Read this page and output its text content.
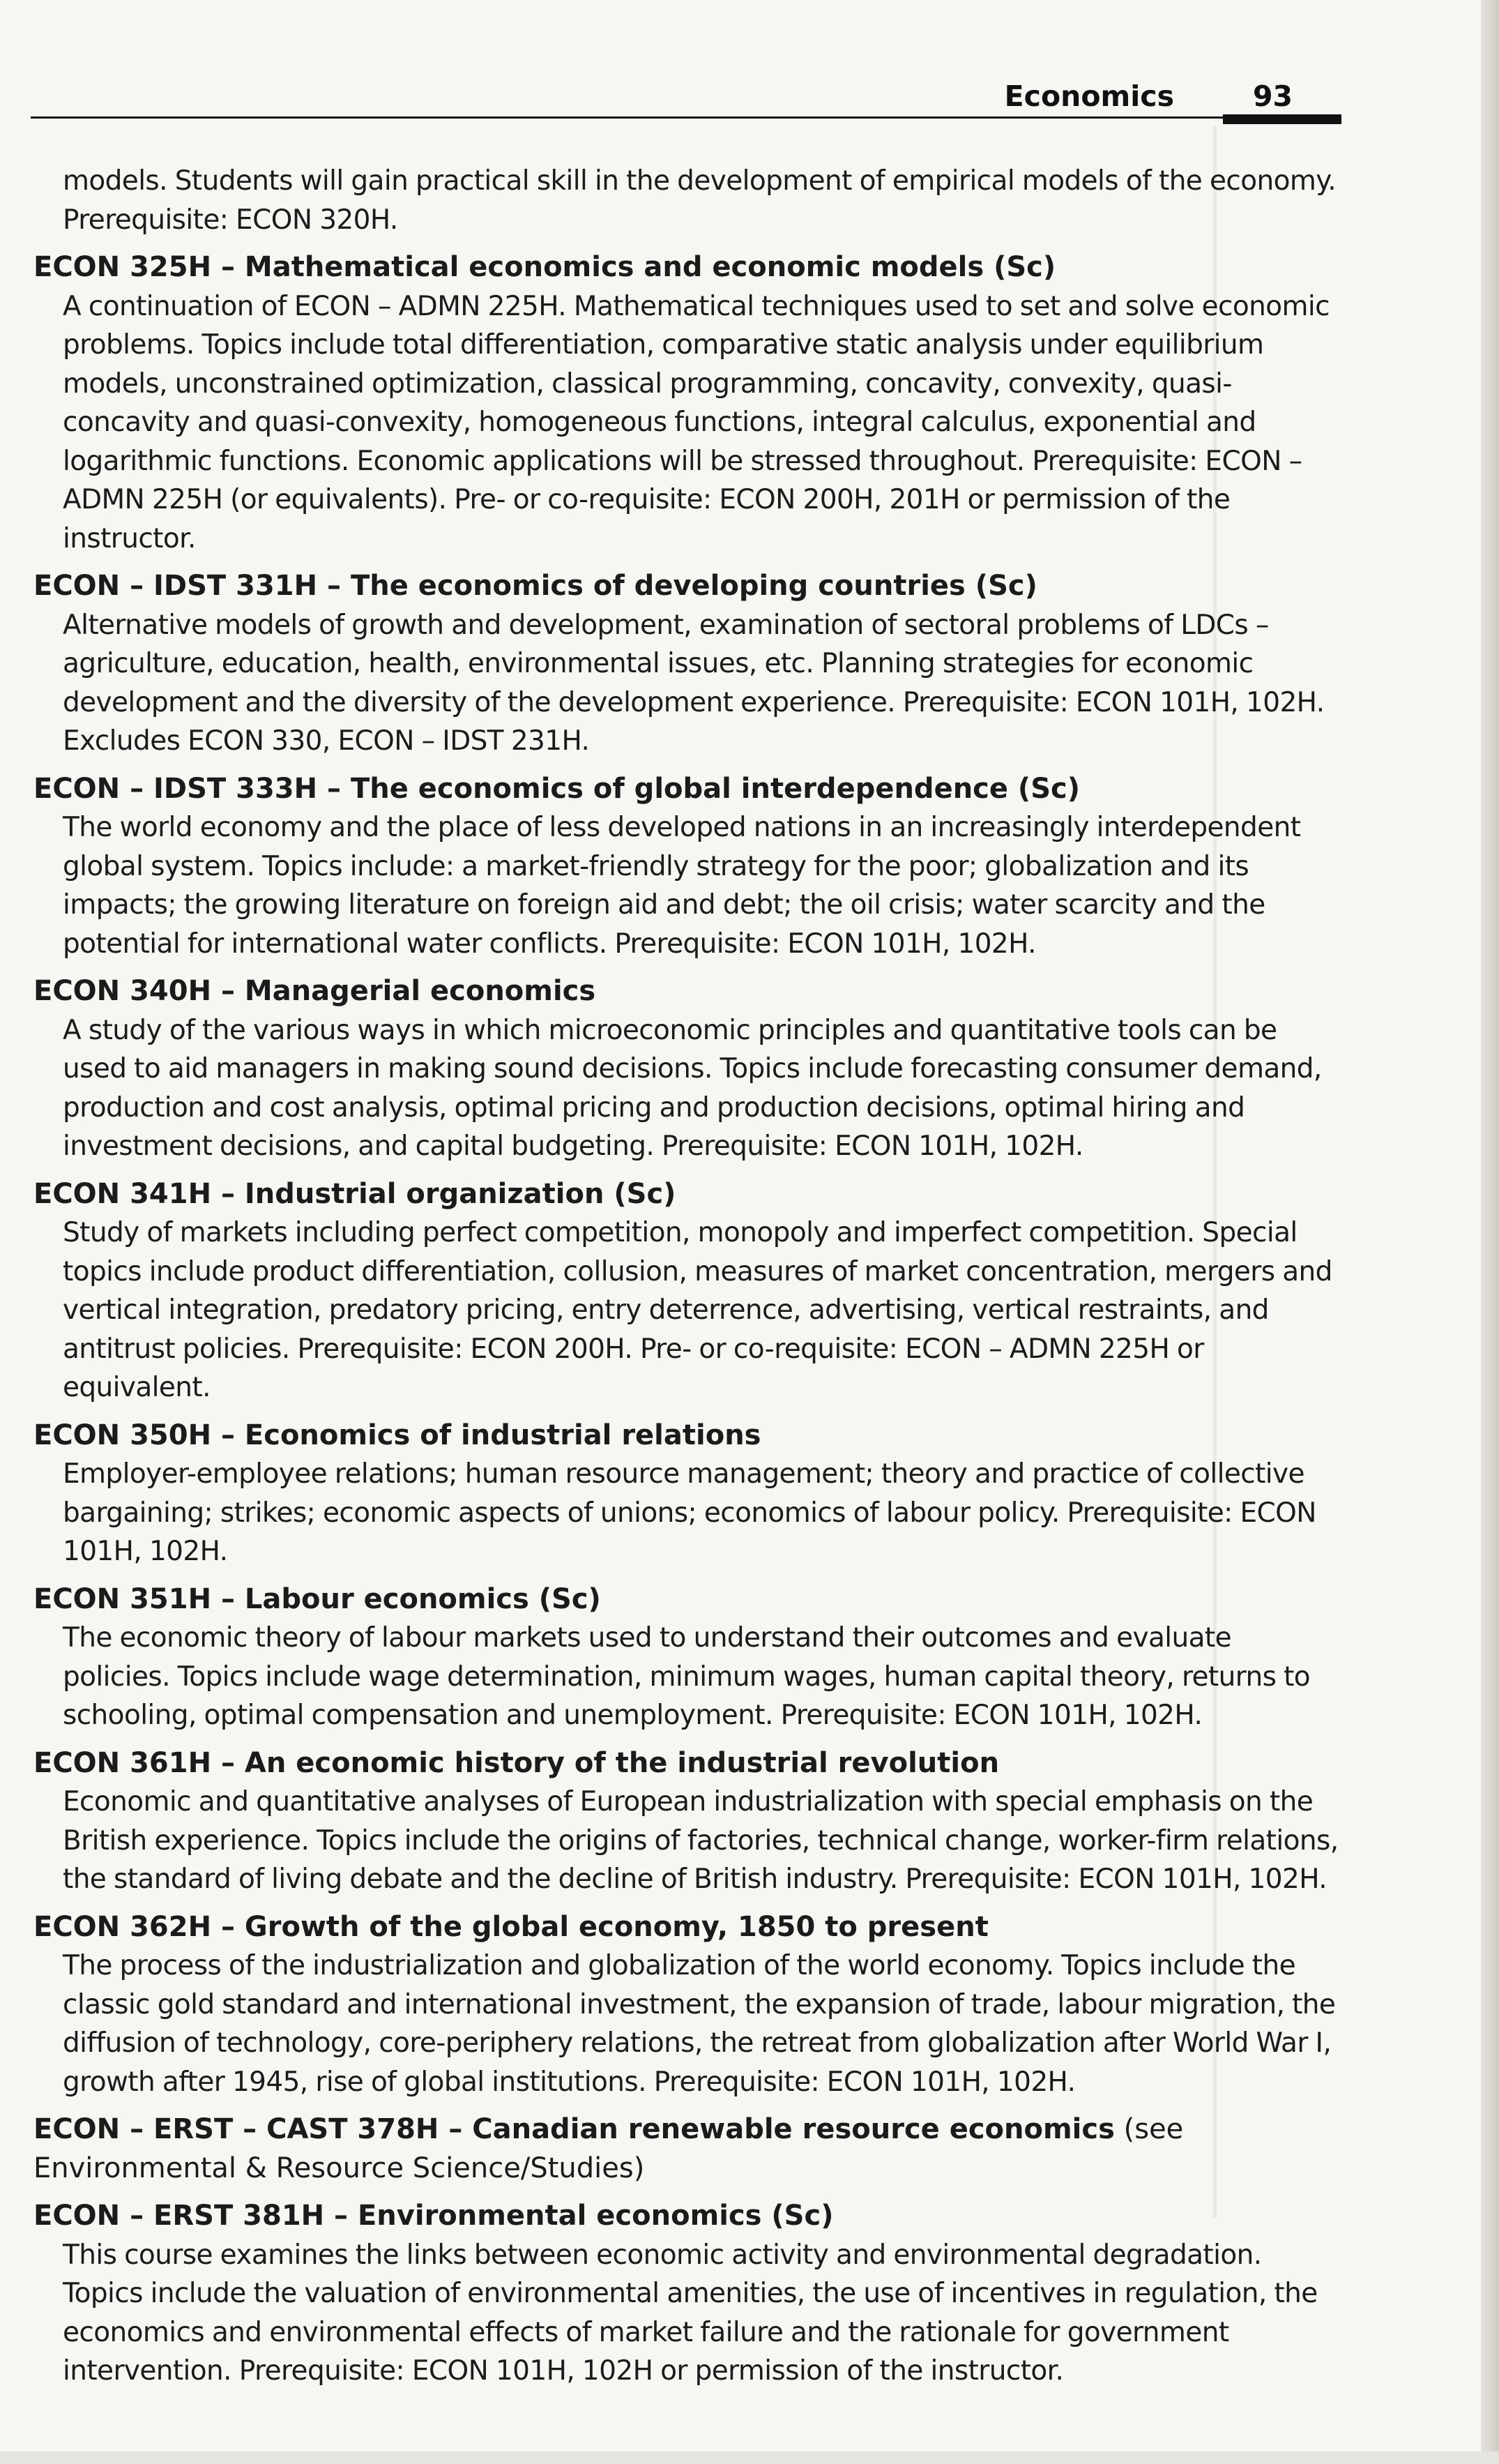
Economics	93
models. Students will gain practical skill in the development of empirical models of the economy. Prerequisite: ECON 320H.
ECON 325H – Mathematical economics and economic models (Sc)
A continuation of ECON – ADMN 225H. Mathematical techniques used to set and solve economic problems. Topics include total differentiation, comparative static analysis under equilibrium models, unconstrained optimization, classical programming, concavity, convexity, quasi-concavity and quasi-convexity, homogeneous functions, integral calculus, exponential and logarithmic functions. Economic applications will be stressed throughout. Prerequisite: ECON – ADMN 225H (or equivalents). Pre- or co-requisite: ECON 200H, 201H or permission of the instructor.
ECON – IDST 331H – The economics of developing countries (Sc)
Alternative models of growth and development, examination of sectoral problems of LDCs – agriculture, education, health, environmental issues, etc. Planning strategies for economic development and the diversity of the development experience. Prerequisite: ECON 101H, 102H. Excludes ECON 330, ECON – IDST 231H.
ECON – IDST 333H – The economics of global interdependence (Sc)
The world economy and the place of less developed nations in an increasingly interdependent global system. Topics include: a market-friendly strategy for the poor; globalization and its impacts; the growing literature on foreign aid and debt; the oil crisis; water scarcity and the potential for international water conflicts. Prerequisite: ECON 101H, 102H.
ECON 340H – Managerial economics
A study of the various ways in which microeconomic principles and quantitative tools can be used to aid managers in making sound decisions. Topics include forecasting consumer demand, production and cost analysis, optimal pricing and production decisions, optimal hiring and investment decisions, and capital budgeting. Prerequisite: ECON 101H, 102H.
ECON 341H – Industrial organization (Sc)
Study of markets including perfect competition, monopoly and imperfect competition. Special topics include product differentiation, collusion, measures of market concentration, mergers and vertical integration, predatory pricing, entry deterrence, advertising, vertical restraints, and antitrust policies. Prerequisite: ECON 200H. Pre- or co-requisite: ECON – ADMN 225H or equivalent.
ECON 350H – Economics of industrial relations
Employer-employee relations; human resource management; theory and practice of collective bargaining; strikes; economic aspects of unions; economics of labour policy. Prerequisite: ECON 101H, 102H.
ECON 351H – Labour economics (Sc)
The economic theory of labour markets used to understand their outcomes and evaluate policies. Topics include wage determination, minimum wages, human capital theory, returns to schooling, optimal compensation and unemployment. Prerequisite: ECON 101H, 102H.
ECON 361H – An economic history of the industrial revolution
Economic and quantitative analyses of European industrialization with special emphasis on the British experience. Topics include the origins of factories, technical change, worker-firm relations, the standard of living debate and the decline of British industry. Prerequisite: ECON 101H, 102H.
ECON 362H – Growth of the global economy, 1850 to present
The process of the industrialization and globalization of the world economy. Topics include the classic gold standard and international investment, the expansion of trade, labour migration, the diffusion of technology, core-periphery relations, the retreat from globalization after World War I, growth after 1945, rise of global institutions. Prerequisite: ECON 101H, 102H.
ECON – ERST – CAST 378H – Canadian renewable resource economics (see Environmental & Resource Science/Studies)
ECON – ERST 381H – Environmental economics (Sc)
This course examines the links between economic activity and environmental degradation. Topics include the valuation of environmental amenities, the use of incentives in regulation, the economics and environmental effects of market failure and the rationale for government intervention. Prerequisite: ECON 101H, 102H or permission of the instructor.
